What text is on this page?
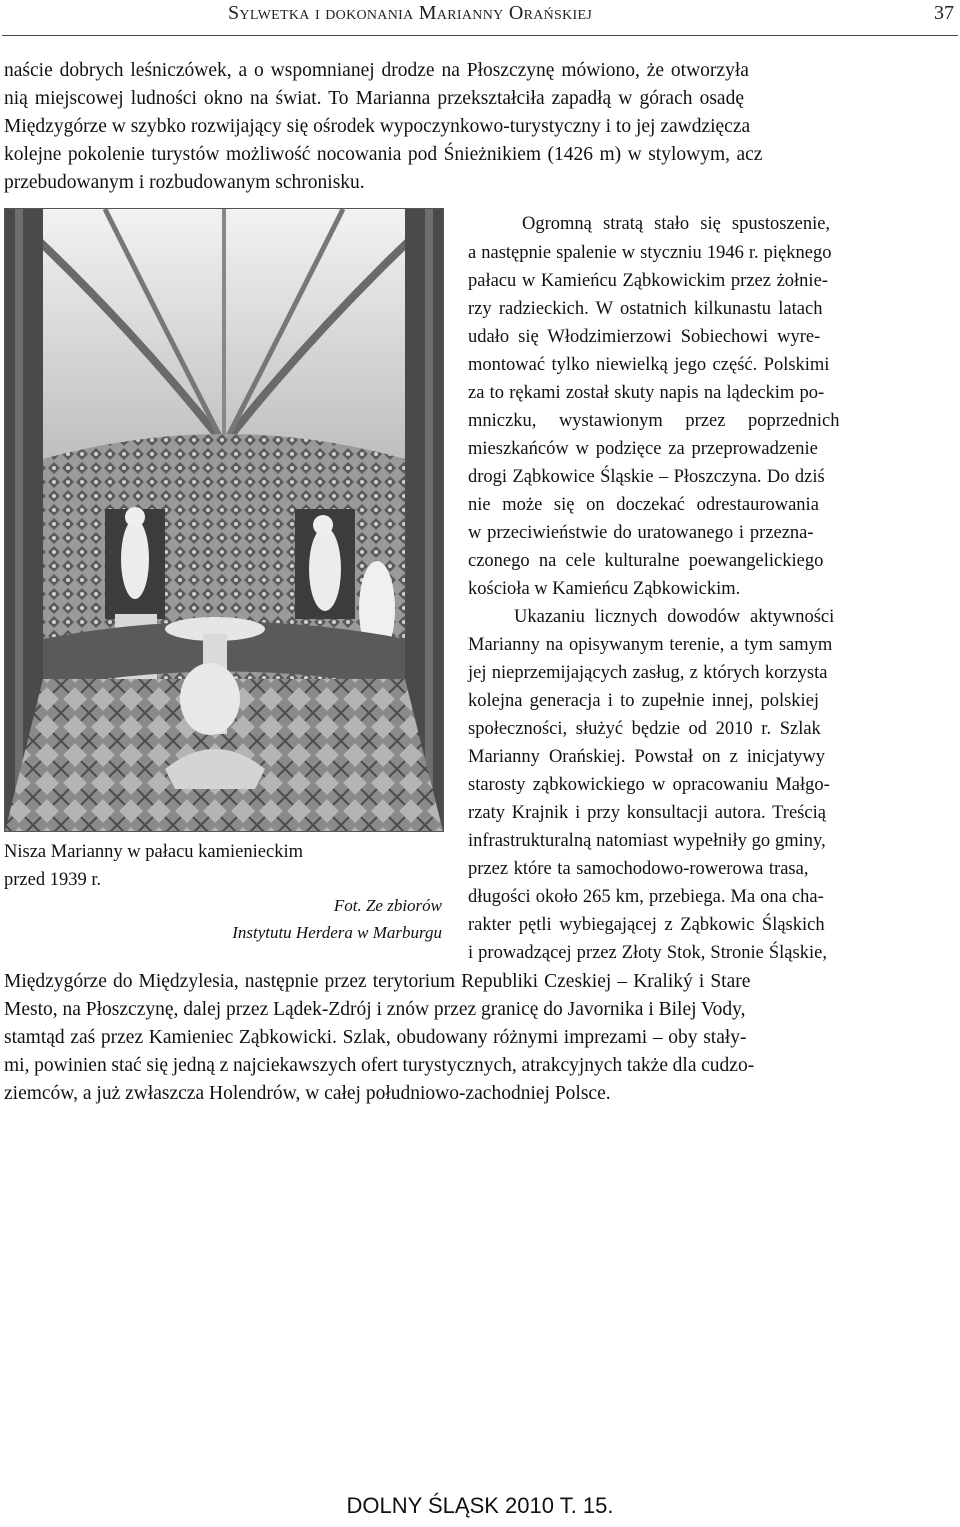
Sylwetka i dokonania Marianny Orańskiej	37
naście dobrych leśniczówek, a o wspomnianej drodze na Płoszczynę mówiono, że otworzyła
nią miejscowej ludności okno na świat. To Marianna przekształciła zapadłą w górach osadę
Międzygórze w szybko rozwijający się ośrodek wypoczynkowo-turystyczny i to jej zawdzięcza
kolejne pokolenie turystów możliwość nocowania pod Śnieżnikiem (1426 m) w stylowym, acz
przebudowanym i rozbudowanym schronisku.
Nisza Marianny w pałacu kamienieckim
przed 1939 r.
Fot. Ze zbiorów
Instytutu Herdera w Marburgu
Ogromną stratą stało się spustoszenie,
a następnie spalenie w styczniu 1946 r. pięknego
pałacu w Kamieńcu Ząbkowickim przez żołnie-
rzy radzieckich. W ostatnich kilkunastu latach
udało się Włodzimierzowi Sobiechowi wyre-
montować tylko niewielką jego część. Polskimi
za to rękami został skuty napis na lądeckim po-
mniczku, wystawionym przez poprzednich
mieszkańców w podzięce za przeprowadzenie
drogi Ząbkowice Śląskie – Płoszczyna. Do dziś
nie może się on doczekać odrestaurowania
w przeciwieństwie do uratowanego i przezna-
czonego na cele kulturalne poewangelickiego
kościoła w Kamieńcu Ząbkowickim.
Ukazaniu licznych dowodów aktywności
Marianny na opisywanym terenie, a tym samym
jej nieprzemijających zasług, z których korzysta
kolejna generacja i to zupełnie innej, polskiej
społeczności, służyć będzie od 2010 r. Szlak
Marianny Orańskiej. Powstał on z inicjatywy
starosty ząbkowickiego w opracowaniu Małgo-
rzaty Krajnik i przy konsultacji autora. Treścią
infrastrukturalną natomiast wypełniły go gminy,
przez które ta samochodowo-rowerowa trasa,
długości około 265 km, przebiega. Ma ona cha-
rakter pętli wybiegającej z Ząbkowic Śląskich
i prowadzącej przez Złoty Stok, Stronie Śląskie,
Międzygórze do Międzylesia, następnie przez terytorium Republiki Czeskiej – Kraliký i Stare
Mesto, na Płoszczynę, dalej przez Lądek-Zdrój i znów przez granicę do Javornika i Bilej Vody,
stamtąd zaś przez Kamieniec Ząbkowicki. Szlak, obudowany różnymi imprezami – oby stały-
mi, powinien stać się jedną z najciekawszych ofert turystycznych, atrakcyjnych także dla cudzo-
ziemców, a już zwłaszcza Holendrów, w całej południowo-zachodniej Polsce.
DOLNY ŚLĄSK 2010 T. 15.
